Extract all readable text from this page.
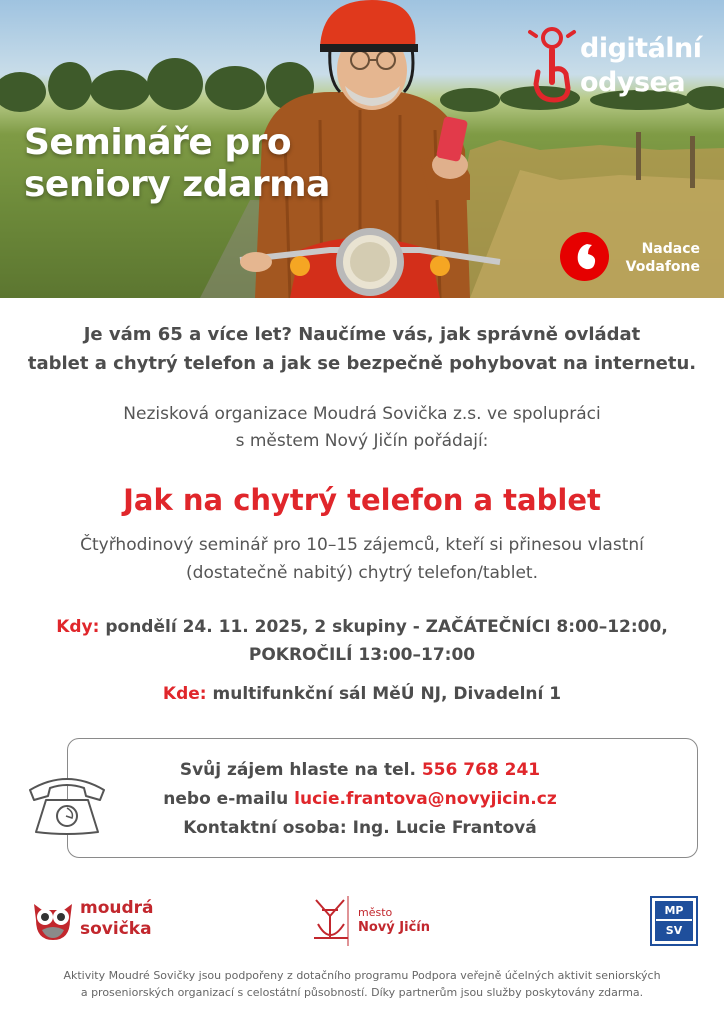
Semináře pro
seniory zdarma
digitální
odysea
Nadace
Vodafone
Je vám 65 a více let? Naučíme vás, jak správně ovládat
tablet a chytrý telefon a jak se bezpečně pohybovat na internetu.
Nezisková organizace Moudrá Sovička z.s. ve spolupráci
s městem Nový Jičín pořádají:
Jak na chytrý telefon a tablet
Čtyřhodinový seminář pro 10–15 zájemců, kteří si přinesou vlastní
(dostatečně nabitý) chytrý telefon/tablet.
Kdy: pondělí 24. 11. 2025, 2 skupiny - ZAČÁTEČNÍCI 8:00–12:00,
POKROČILÍ 13:00–17:00
Kde: multifunkční sál MěÚ NJ, Divadelní 1
Svůj zájem hlaste na tel. 556 768 241
nebo e-mailu lucie.frantova@novyjicin.cz
Kontaktní osoba: Ing. Lucie Frantová
moudrá
sovička
město
Nový Jičín
MP
SV
Aktivity Moudré Sovičky jsou podpořeny z dotačního programu Podpora veřejně účelných aktivit seniorských
a proseniorských organizací s celostátní působností. Díky partnerům jsou služby poskytovány zdarma.
